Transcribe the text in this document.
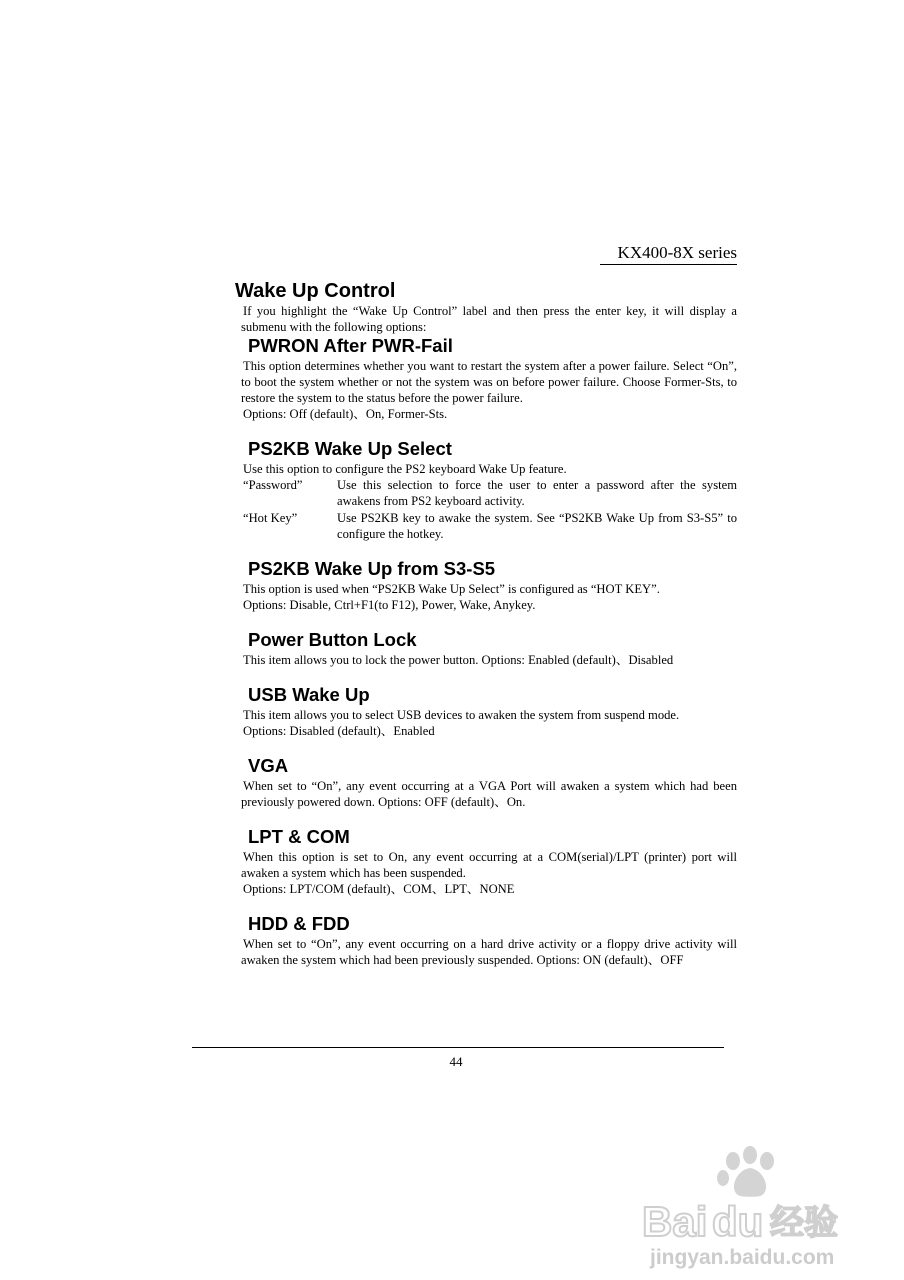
KX400-8X series
Wake Up Control

If you highlight the “Wake Up Control” label and then press the enter key, it will display a submenu with the following options:

PWRON After PWR-Fail

This option determines whether you want to restart the system after a power failure. Select “On”, to boot the system whether or not the system was on before power failure. Choose Former-Sts, to restore the system to the status before the power failure.

Options: Off (default)、On, Former-Sts.

PS2KB Wake Up Select

Use this option to configure the PS2 keyboard Wake Up feature.

“Password”	Use this selection to force the user to enter a password after the system awakens from PS2 keyboard activity.
“Hot Key”	Use PS2KB key to awake the system. See “PS2KB Wake Up from S3-S5” to configure the hotkey.
PS2KB Wake Up from S3-S5

This option is used when “PS2KB Wake Up Select” is configured as “HOT KEY”.

Options: Disable, Ctrl+F1(to F12), Power, Wake, Anykey.

Power Button Lock

This item allows you to lock the power button. Options: Enabled (default)、Disabled

USB Wake Up

This item allows you to select USB devices to awaken the system from suspend mode.

Options: Disabled (default)、Enabled

VGA

When set to “On”, any event occurring at a VGA Port will awaken a system which had been previously powered down. Options: OFF (default)、On.

LPT & COM

When this option is set to On, any event occurring at a COM(serial)/LPT (printer) port will awaken a system which has been suspended.

Options: LPT/COM (default)、COM、LPT、NONE

HDD & FDD

When set to “On”, any event occurring on a hard drive activity or a floppy drive activity will awaken the system which had been previously suspended. Options: ON (default)、OFF

44
Bai du 经验
jingyan.baidu.com
